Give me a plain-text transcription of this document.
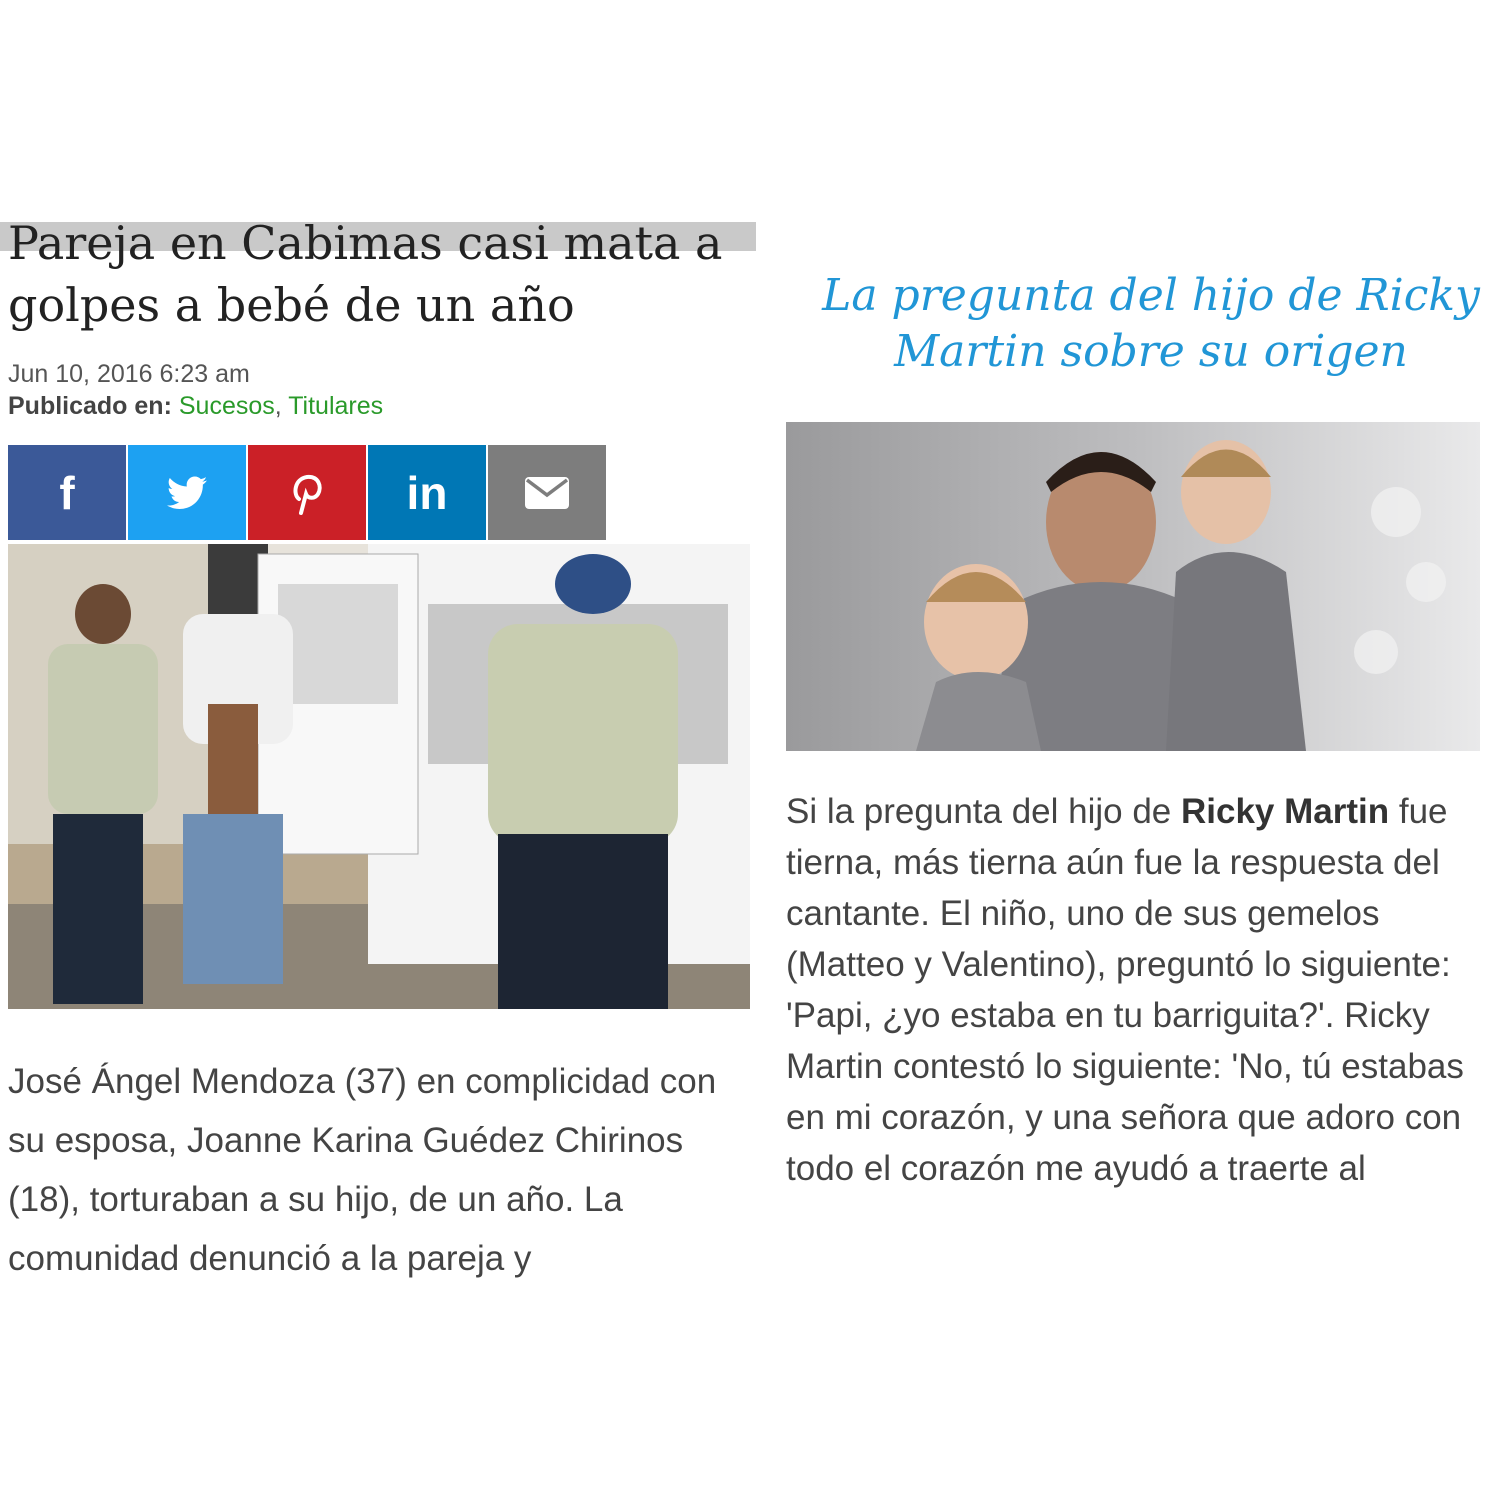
Pareja en Cabimas casi mata a golpes a bebé de un año
Jun 10, 2016 6:23 am
Publicado en: Sucesos, Titulares
f	in

José Ángel Mendoza (37) en complicidad con su esposa, Joanne Karina Guédez Chirinos (18), torturaban a su hijo, de un año. La comunidad denunció a la pareja y

La pregunta del hijo de Ricky Martin sobre su origen

Si la pregunta del hijo de Ricky Martin fue tierna, más tierna aún fue la respuesta del cantante. El niño, uno de sus gemelos (Matteo y Valentino), preguntó lo siguiente: 'Papi, ¿yo estaba en tu barriguita?'. Ricky Martin contestó lo siguiente: 'No, tú estabas en mi corazón, y una señora que adoro con todo el corazón me ayudó a traerte al
